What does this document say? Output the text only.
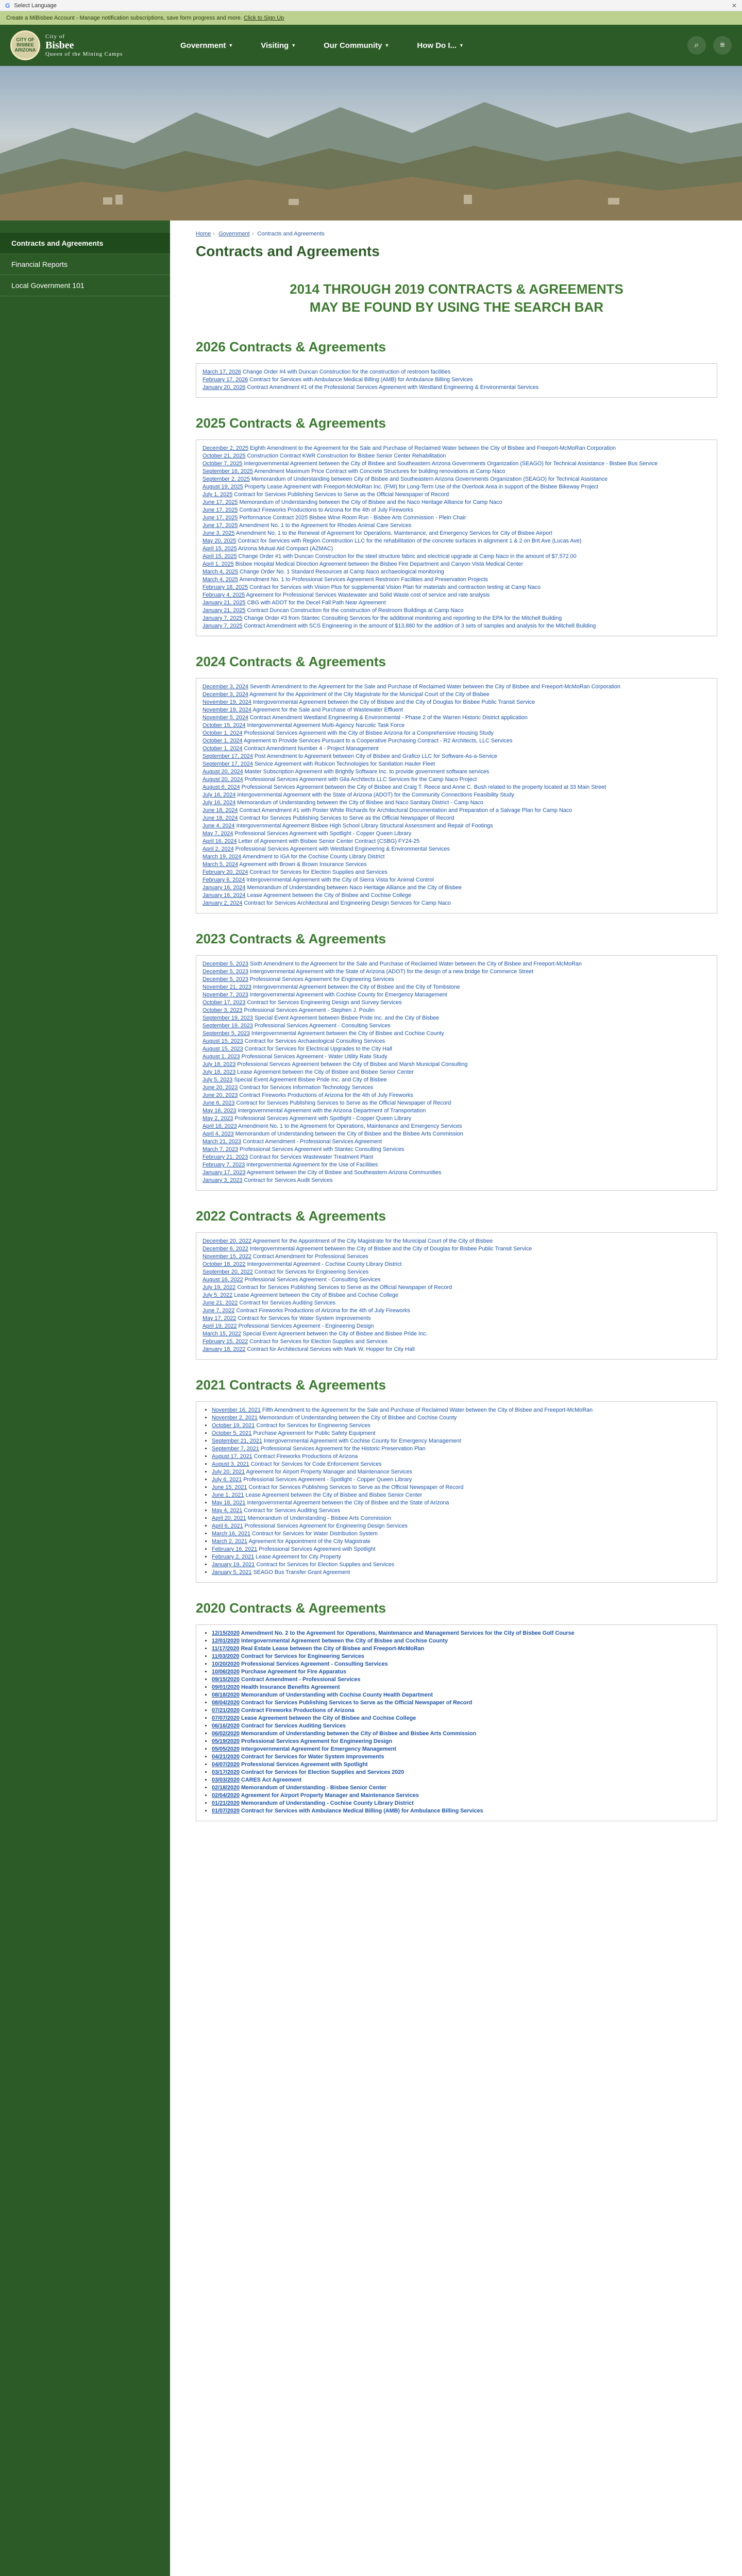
G Select Language	✕
Create a MiBisbee Account - Manage notification subscriptions, save form progress and more.
Click to Sign Up
CITY OF BISBEE ARIZONA
City of
Bisbee
Queen of the Mining Camps
Government ▼	Visiting ▼	Our Community ▼	How Do I... ▼	⌕	≡
Contracts and Agreements
Financial Reports
Local Government 101
Home › Government › Contracts and Agreements
Contracts and Agreements
2014 THROUGH 2019 CONTRACTS & AGREEMENTS
MAY BE FOUND BY USING THE SEARCH BAR
2026 Contracts & Agreements
March 17, 2026 Change Order #4 with Duncan Construction for the construction of restroom facilities
February 17, 2026 Contract for Services with Ambulance Medical Billing (AMB) for Ambulance Billing Services
January 20, 2026 Contract Amendment #1 of the Professional Services Agreement with Westland Engineering & Environmental Services
2025 Contracts & Agreements
December 2, 2025 Eighth Amendment to the Agreement for the Sale and Purchase of Reclaimed Water between the City of Bisbee and Freeport-McMoRan Corporation
October 21, 2025 Construction Contract KWR Construction for Bisbee Senior Center Rehabilitation
October 7, 2025 Intergovernmental Agreement between the City of Bisbee and Southeastern Arizona Governments Organization (SEAGO) for Technical Assistance - Bisbee Bus Service
September 16, 2025 Amendment Maximum Price Contract with Concrete Structures for building renovations at Camp Naco
September 2, 2025 Memorandum of Understanding between City of Bisbee and Southeastern Arizona Governments Organization (SEAGO) for Technical Assistance
August 19, 2025 Property Lease Agreement with Freeport-McMoRan Inc. (FMI) for Long-Term Use of the Overlook Area in support of the Bisbee Bikeway Project
July 1, 2025 Contract for Services Publishing Services to Serve as the Official Newspaper of Record
June 17, 2025 Memorandum of Understanding between the City of Bisbee and the Naco Heritage Alliance for Camp Naco
June 17, 2025 Contract Fireworks Productions to Arizona for the 4th of July Fireworks
June 17, 2025 Performance Contract 2025 Bisbee Wine Room Run - Bisbee Arts Commission - Plein Chair
June 17, 2025 Amendment No. 1 to the Agreement for Rhodes Animal Care Services
June 3, 2025 Amendment No. 1 to the Renewal of Agreement for Operations, Maintenance, and Emergency Services for City of Bisbee Airport
May 20, 2025 Contract for Services with Region Construction LLC for the rehabilitation of the concrete surfaces in alignment 1 & 2 on Brit Ave (Lucas Ave)
April 15, 2025 Arizona Mutual Aid Compact (AZMAC)
April 15, 2025 Change Order #1 with Duncan Construction for the steel structure fabric and electrical upgrade at Camp Naco in the amount of $7,572.00
April 1, 2025 Bisbee Hospital Medical Direction Agreement between the Bisbee Fire Department and Canyon Vista Medical Center
March 4, 2025 Change Order No. 1 Standard Resources at Camp Naco archaeological monitoring
March 4, 2025 Amendment No. 1 to Professional Services Agreement Restroom Facilities and Preservation Projects
February 18, 2025 Contract for Services with Vision Plus for supplemental Vision Plan for materials and contraction testing at Camp Naco
February 4, 2025 Agreement for Professional Services Wastewater and Solid Waste cost of service and rate analysis
January 21, 2025 CBG with ADOT for the Decel Fall Path Near Agreement
January 21, 2025 Contract Duncan Construction for the construction of Restroom Buildings at Camp Naco
January 7, 2025 Change Order #3 from Stantec Consulting Services for the additional monitoring and reporting to the EPA for the Mitchell Building
January 7, 2025 Contract Amendment with SCS Engineering in the amount of $13,880 for the addition of 3 sets of samples and analysis for the Mitchell Building
2024 Contracts & Agreements
December 3, 2024 Seventh Amendment to the Agreement for the Sale and Purchase of Reclaimed Water between the City of Bisbee and Freeport-McMoRan Corporation
December 3, 2024 Agreement for the Appointment of the City Magistrate for the Municipal Court of the City of Bisbee
November 19, 2024 Intergovernmental Agreement between the City of Bisbee and the City of Douglas for Bisbee Public Transit Service
November 19, 2024 Agreement for the Sale and Purchase of Wastewater Effluent
November 5, 2024 Contract Amendment Westland Engineering & Environmental - Phase 2 of the Warren Historic District application
October 15, 2024 Intergovernmental Agreement Multi-Agency Narcotic Task Force
October 1, 2024 Professional Services Agreement with the City of Bisbee Arizona for a Comprehensive Housing Study
October 1, 2024 Agreement to Provide Services Pursuant to a Cooperative Purchasing Contract - R2 Architects, LLC Services
October 1, 2024 Contract Amendment Number 4 - Project Management
September 17, 2024 Post Amendment to Agreement between City of Bisbee and Grafico LLC for Software-As-a-Service
September 17, 2024 Service Agreement with Rubicon Technologies for Sanitation Hauler Fleet
August 20, 2024 Master Subscription Agreement with Brightly Software Inc. to provide government software services
August 20, 2024 Professional Services Agreement with Gila Architects LLC Services for the Camp Naco Project
August 6, 2024 Professional Services Agreement between the City of Bisbee and Craig T. Reece and Anne C. Bush related to the property located at 33 Main Street
July 16, 2024 Intergovernmental Agreement with the State of Arizona (ADOT) for the Community Connections Feasibility Study
July 16, 2024 Memorandum of Understanding between the City of Bisbee and Naco Sanitary District - Camp Naco
June 18, 2024 Contract Amendment #1 with Poster White Richards for Architectural Documentation and Preparation of a Salvage Plan for Camp Naco
June 18, 2024 Contract for Services Publishing Services to Serve as the Official Newspaper of Record
June 4, 2024 Intergovernmental Agreement Bisbee High School Library Structural Assessment and Repair of Footings
May 7, 2024 Professional Services Agreement with Spotlight - Copper Queen Library
April 16, 2024 Letter of Agreement with Bisbee Senior Center Contract (CSBG) FY24-25
April 2, 2024 Professional Services Agreement with Westland Engineering & Environmental Services
March 19, 2024 Amendment to IGA for the Cochise County Library District
March 5, 2024 Agreement with Brown & Brown Insurance Services
February 20, 2024 Contract for Services for Election Supplies and Services
February 6, 2024 Intergovernmental Agreement with the City of Sierra Vista for Animal Control
January 16, 2024 Memorandum of Understanding between Naco Heritage Alliance and the City of Bisbee
January 16, 2024 Lease Agreement between the City of Bisbee and Cochise College
January 2, 2024 Contract for Services Architectural and Engineering Design Services for Camp Naco
2023 Contracts & Agreements
December 5, 2023 Sixth Amendment to the Agreement for the Sale and Purchase of Reclaimed Water between the City of Bisbee and Freeport-McMoRan
December 5, 2023 Intergovernmental Agreement with the State of Arizona (ADOT) for the design of a new bridge for Commerce Street
December 5, 2023 Professional Services Agreement for Engineering Services
November 21, 2023 Intergovernmental Agreement between the City of Bisbee and the City of Tombstone
November 7, 2023 Intergovernmental Agreement with Cochise County for Emergency Management
October 17, 2023 Contract for Services Engineering Design and Survey Services
October 3, 2023 Professional Services Agreement - Stephen J. Poulin
September 19, 2023 Special Event Agreement between Bisbee Pride Inc. and the City of Bisbee
September 19, 2023 Professional Services Agreement - Consulting Services
September 5, 2023 Intergovernmental Agreement between the City of Bisbee and Cochise County
August 15, 2023 Contract for Services Archaeological Consulting Services
August 15, 2023 Contract for Services for Electrical Upgrades to the City Hall
August 1, 2023 Professional Services Agreement - Water Utility Rate Study
July 18, 2023 Professional Services Agreement between the City of Bisbee and Marsh Municipal Consulting
July 18, 2023 Lease Agreement between the City of Bisbee and Bisbee Senior Center
July 5, 2023 Special Event Agreement Bisbee Pride Inc. and City of Bisbee
June 20, 2023 Contract for Services Information Technology Services
June 20, 2023 Contract Fireworks Productions of Arizona for the 4th of July Fireworks
June 6, 2023 Contract for Services Publishing Services to Serve as the Official Newspaper of Record
May 16, 2023 Intergovernmental Agreement with the Arizona Department of Transportation
May 2, 2023 Professional Services Agreement with Spotlight - Copper Queen Library
April 18, 2023 Amendment No. 1 to the Agreement for Operations, Maintenance and Emergency Services
April 4, 2023 Memorandum of Understanding between the City of Bisbee and the Bisbee Arts Commission
March 21, 2023 Contract Amendment - Professional Services Agreement
March 7, 2023 Professional Services Agreement with Stantec Consulting Services
February 21, 2023 Contract for Services Wastewater Treatment Plant
February 7, 2023 Intergovernmental Agreement for the Use of Facilities
January 17, 2023 Agreement between the City of Bisbee and Southeastern Arizona Communities
January 3, 2023 Contract for Services Audit Services
2022 Contracts & Agreements
December 20, 2022 Agreement for the Appointment of the City Magistrate for the Municipal Court of the City of Bisbee
December 6, 2022 Intergovernmental Agreement between the City of Bisbee and the City of Douglas for Bisbee Public Transit Service
November 15, 2022 Contract Amendment for Professional Services
October 18, 2022 Intergovernmental Agreement - Cochise County Library District
September 20, 2022 Contract for Services for Engineering Services
August 16, 2022 Professional Services Agreement - Consulting Services
July 19, 2022 Contract for Services Publishing Services to Serve as the Official Newspaper of Record
July 5, 2022 Lease Agreement between the City of Bisbee and Cochise College
June 21, 2022 Contract for Services Auditing Services
June 7, 2022 Contract Fireworks Productions of Arizona for the 4th of July Fireworks
May 17, 2022 Contract for Services for Water System Improvements
April 19, 2022 Professional Services Agreement - Engineering Design
March 15, 2022 Special Event Agreement between the City of Bisbee and Bisbee Pride Inc.
February 15, 2022 Contract for Services for Election Supplies and Services
January 18, 2022 Contract for Architectural Services with Mark W. Hopper for City Hall
2021 Contracts & Agreements
• November 16, 2021 Fifth Amendment to the Agreement for the Sale and Purchase of Reclaimed Water between the City of Bisbee and Freeport-McMoRan
• November 2, 2021 Memorandum of Understanding between the City of Bisbee and Cochise County
• October 19, 2021 Contract for Services for Engineering Services
• October 5, 2021 Purchase Agreement for Public Safety Equipment
• September 21, 2021 Intergovernmental Agreement with Cochise County for Emergency Management
• September 7, 2021 Professional Services Agreement for the Historic Preservation Plan
• August 17, 2021 Contract Fireworks Productions of Arizona
• August 3, 2021 Contract for Services for Code Enforcement Services
• July 20, 2021 Agreement for Airport Property Manager and Maintenance Services
• July 6, 2021 Professional Services Agreement - Spotlight - Copper Queen Library
• June 15, 2021 Contract for Services Publishing Services to Serve as the Official Newspaper of Record
• June 1, 2021 Lease Agreement between the City of Bisbee and Bisbee Senior Center
• May 18, 2021 Intergovernmental Agreement between the City of Bisbee and the State of Arizona
• May 4, 2021 Contract for Services Auditing Services
• April 20, 2021 Memorandum of Understanding - Bisbee Arts Commission
• April 6, 2021 Professional Services Agreement for Engineering Design Services
• March 16, 2021 Contract for Services for Water Distribution System
• March 2, 2021 Agreement for Appointment of the City Magistrate
• February 16, 2021 Professional Services Agreement with Spotlight
• February 2, 2021 Lease Agreement for City Property
• January 19, 2021 Contract for Services for Election Supplies and Services
• January 5, 2021 SEAGO Bus Transfer Grant Agreement
2020 Contracts & Agreements
• 12/15/2020 Amendment No. 2 to the Agreement for Operations, Maintenance and Management Services for the City of Bisbee Golf Course
• 12/01/2020 Intergovernmental Agreement between the City of Bisbee and Cochise County
• 11/17/2020 Real Estate Lease between the City of Bisbee and Freeport-McMoRan
• 11/03/2020 Contract for Services for Engineering Services
• 10/20/2020 Professional Services Agreement - Consulting Services
• 10/06/2020 Purchase Agreement for Fire Apparatus
• 09/15/2020 Contract Amendment - Professional Services
• 09/01/2020 Health Insurance Benefits Agreement
• 08/18/2020 Memorandum of Understanding with Cochise County Health Department
• 08/04/2020 Contract for Services Publishing Services to Serve as the Official Newspaper of Record
• 07/21/2020 Contract Fireworks Productions of Arizona
• 07/07/2020 Lease Agreement between the City of Bisbee and Cochise College
• 06/16/2020 Contract for Services Auditing Services
• 06/02/2020 Memorandum of Understanding between the City of Bisbee and Bisbee Arts Commission
• 05/19/2020 Professional Services Agreement for Engineering Design
• 05/05/2020 Intergovernmental Agreement for Emergency Management
• 04/21/2020 Contract for Services for Water System Improvements
• 04/07/2020 Professional Services Agreement with Spotlight
• 03/17/2020 Contract for Services for Election Supplies and Services 2020
• 03/03/2020 CARES Act Agreement
• 02/18/2020 Memorandum of Understanding - Bisbee Senior Center
• 02/04/2020 Agreement for Airport Property Manager and Maintenance Services
• 01/21/2020 Memorandum of Understanding - Cochise County Library District
• 01/07/2020 Contract for Services with Ambulance Medical Billing (AMB) for Ambulance Billing Services
